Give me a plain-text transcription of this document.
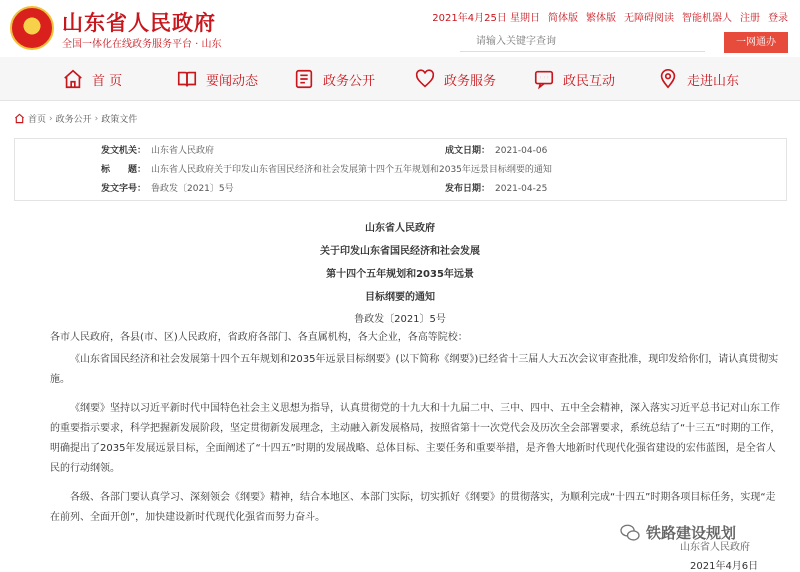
山东省人民政府
全国一体化在线政务服务平台 · 山东
2021年4月25日 星期日 简体版 繁体版 无障碍阅读 智能机器人 注册 登录
请输入关键字查询
一网通办
首 页	要闻动态	政务公开	政务服务	政民互动	走进山东
首页 › 政务公开 › 政策文件
发文机关： 山东省人民政府	成文日期： 2021-04-06
标　　题： 山东省人民政府关于印发山东省国民经济和社会发展第十四个五年规划和2035年远景目标纲要的通知
发文字号： 鲁政发〔2021〕5号	发布日期： 2021-04-25
山东省人民政府
关于印发山东省国民经济和社会发展
第十四个五年规划和2035年远景
目标纲要的通知
鲁政发〔2021〕5号
各市人民政府，各县(市、区)人民政府，省政府各部门、各直属机构，各大企业，各高等院校：
《山东省国民经济和社会发展第十四个五年规划和2035年远景目标纲要》(以下简称《纲要》)已经省十三届人大五次会议审查批准，现印发给你们，请认真贯彻实施。
《纲要》坚持以习近平新时代中国特色社会主义思想为指导，认真贯彻党的十九大和十九届二中、三中、四中、五中全会精神，深入落实习近平总书记对山东工作的重要指示要求，科学把握新发展阶段，坚定贯彻新发展理念，主动融入新发展格局，按照省第十一次党代会及历次全会部署要求，系统总结了“十三五”时期的工作，明确提出了2035年发展远景目标，全面阐述了“十四五”时期的发展战略、总体目标、主要任务和重要举措，是齐鲁大地新时代现代化强省建设的宏伟蓝图，是全省人民的行动纲领。
各级、各部门要认真学习、深刻领会《纲要》精神，结合本地区、本部门实际，切实抓好《纲要》的贯彻落实，为顺利完成“十四五”时期各项目标任务，实现“走在前列、全面开创”，加快建设新时代现代化强省而努力奋斗。
铁路建设规划
山东省人民政府
2021年4月6日
